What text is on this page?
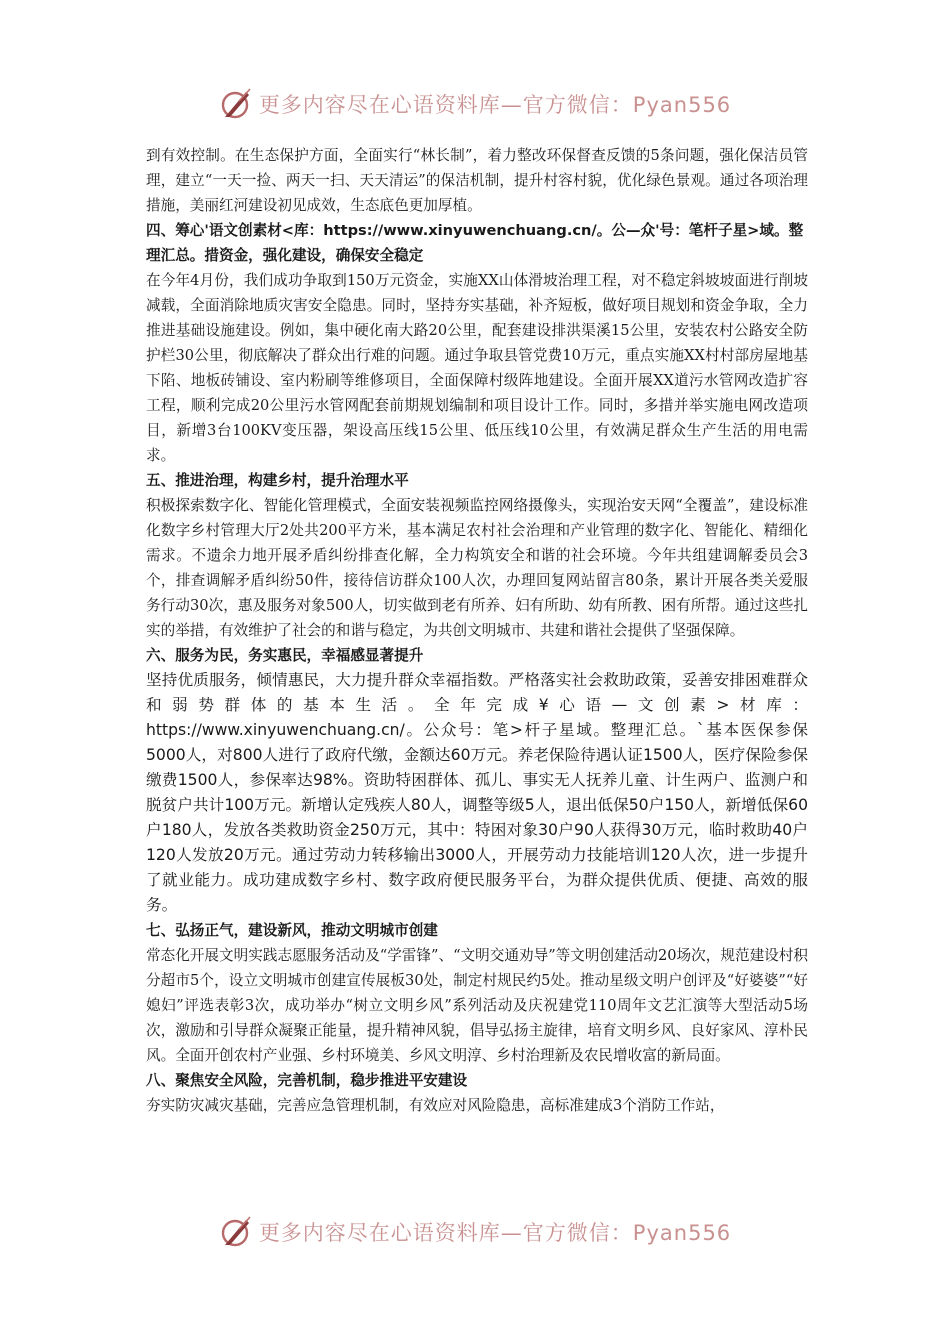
更多内容尽在心语资料库—官方微信：Pyan556

到有效控制。在生态保护方面，全面实行“林长制”，着力整改环保督查反馈的5条问题，强化保洁员管理，建立“一天一捡、两天一扫、天天清运”的保洁机制，提升村容村貌，优化绿色景观。通过各项治理措施，美丽红河建设初见成效，生态底色更加厚植。

四、筹心'语文创素材<库：https://www.xinyuwenchuang.cn/。公—众'号：笔杆子星>域。整理汇总。措资金，强化建设，确保安全稳定

在今年4月份，我们成功争取到150万元资金，实施XX山体滑坡治理工程，对不稳定斜坡坡面进行削坡减载，全面消除地质灾害安全隐患。同时，坚持夯实基础，补齐短板，做好项目规划和资金争取，全力推进基础设施建设。例如，集中硬化南大路20公里，配套建设排洪渠溪15公里，安装农村公路安全防护栏30公里，彻底解决了群众出行难的问题。通过争取县管党费10万元，重点实施XX村村部房屋地基下陷、地板砖铺设、室内粉刷等维修项目，全面保障村级阵地建设。全面开展XX道污水管网改造扩容工程，顺利完成20公里污水管网配套前期规划编制和项目设计工作。同时，多措并举实施电网改造项目，新增3台100KV变压器，架设高压线15公里、低压线10公里，有效满足群众生产生活的用电需求。

五、推进治理，构建乡村，提升治理水平

积极探索数字化、智能化管理模式，全面安装视频监控网络摄像头，实现治安天网“全覆盖”，建设标准化数字乡村管理大厅2处共200平方米，基本满足农村社会治理和产业管理的数字化、智能化、精细化需求。不遗余力地开展矛盾纠纷排查化解，全力构筑安全和谐的社会环境。今年共组建调解委员会3个，排查调解矛盾纠纷50件，接待信访群众100人次，办理回复网站留言80条，累计开展各类关爱服务行动30次，惠及服务对象500人，切实做到老有所养、妇有所助、幼有所教、困有所帮。通过这些扎实的举措，有效维护了社会的和谐与稳定，为共创文明城市、共建和谐社会提供了坚强保障。

六、服务为民，务实惠民，幸福感显著提升

坚持优质服务，倾情惠民，大力提升群众幸福指数。严格落实社会救助政策，妥善安排困难群众和弱势群体的基本生活。全年完成¥心语—文创素>材库：https://www.xinyuwenchuang.cn/。公众号：笔>杆子星域。整理汇总。`基本医保参保5000人，对800人进行了政府代缴，金额达60万元。养老保险待遇认证1500人，医疗保险参保缴费1500人，参保率达98%。资助特困群体、孤儿、事实无人抚养儿童、计生两户、监测户和脱贫户共计100万元。新增认定残疾人80人，调整等级5人，退出低保50户150人，新增低保60户180人，发放各类救助资金250万元，其中：特困对象30户90人获得30万元，临时救助40户120人发放20万元。通过劳动力转移输出3000人，开展劳动力技能培训120人次，进一步提升了就业能力。成功建成数字乡村、数字政府便民服务平台，为群众提供优质、便捷、高效的服务。

七、弘扬正气，建设新风，推动文明城市创建

常态化开展文明实践志愿服务活动及“学雷锋”、“文明交通劝导”等文明创建活动20场次，规范建设村积分超市5个，设立文明城市创建宣传展板30处，制定村规民约5处。推动星级文明户创评及“好婆婆”“好媳妇”评选表彰3次，成功举办“树立文明乡风”系列活动及庆祝建党110周年文艺汇演等大型活动5场次，激励和引导群众凝聚正能量，提升精神风貌，倡导弘扬主旋律，培育文明乡风、良好家风、淳朴民风。全面开创农村产业强、乡村环境美、乡风文明淳、乡村治理新及农民增收富的新局面。

八、聚焦安全风险，完善机制，稳步推进平安建设

夯实防灾减灾基础，完善应急管理机制，有效应对风险隐患，高标准建成3个消防工作站，

更多内容尽在心语资料库—官方微信：Pyan556
